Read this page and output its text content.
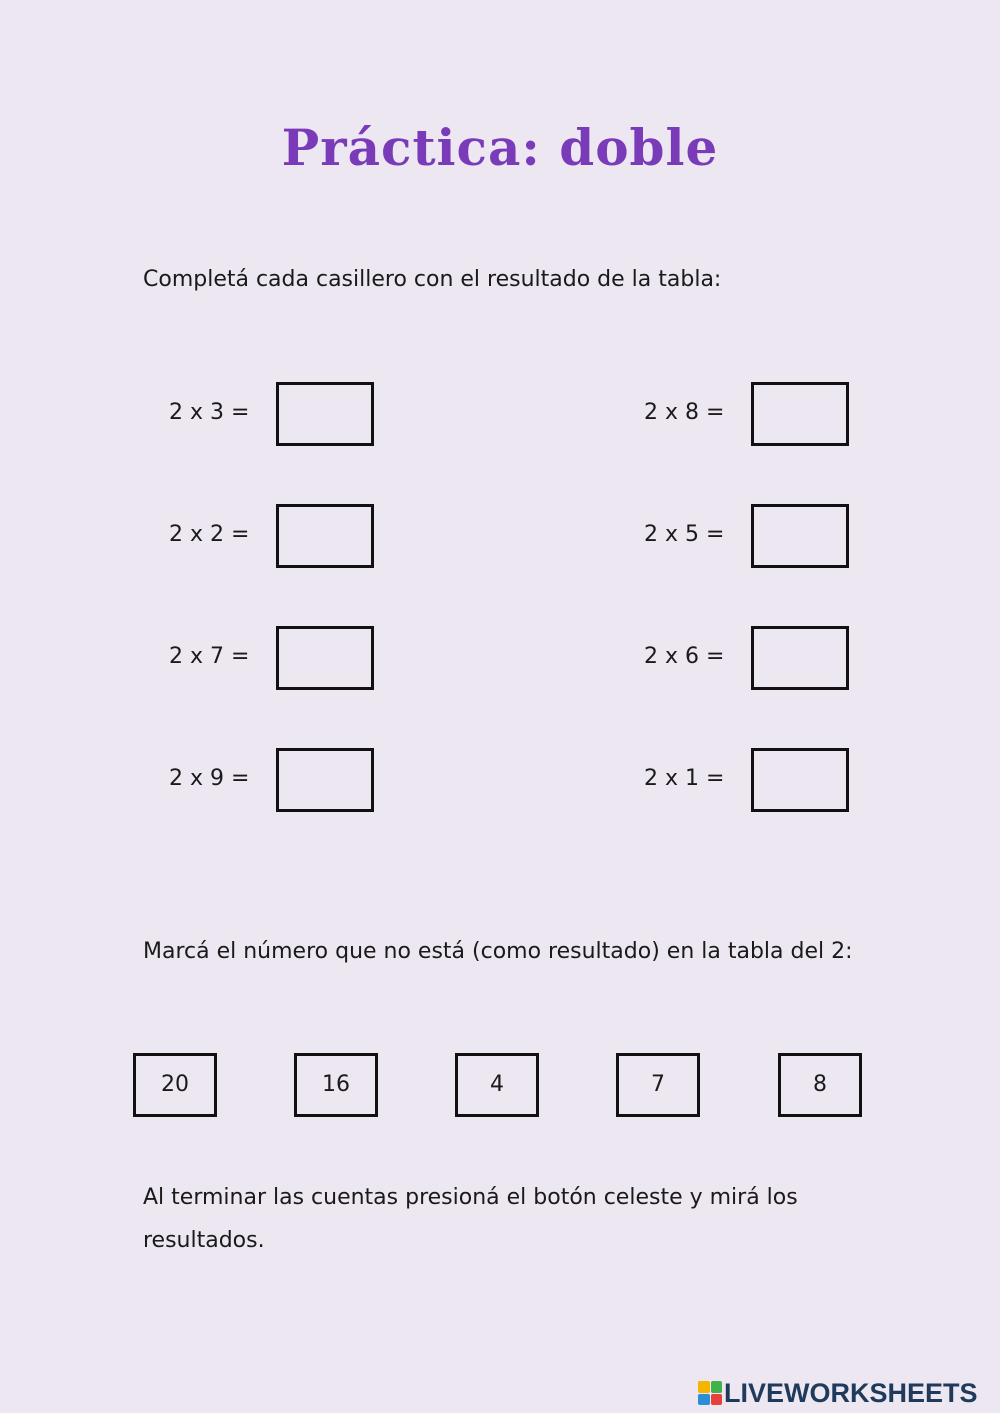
Práctica: doble
Completá cada casillero con el resultado de la tabla:
2 x 3 =
2 x 2 =
2 x 7 =
2 x 9 =
2 x 8 =
2 x 5 =
2 x 6 =
2 x 1 =
Marcá el número que no está (como resultado) en la tabla del 2:
20	16	4	7	8
Al terminar las cuentas presioná el botón celeste y mirá los resultados.
LIVEWORKSHEETS
